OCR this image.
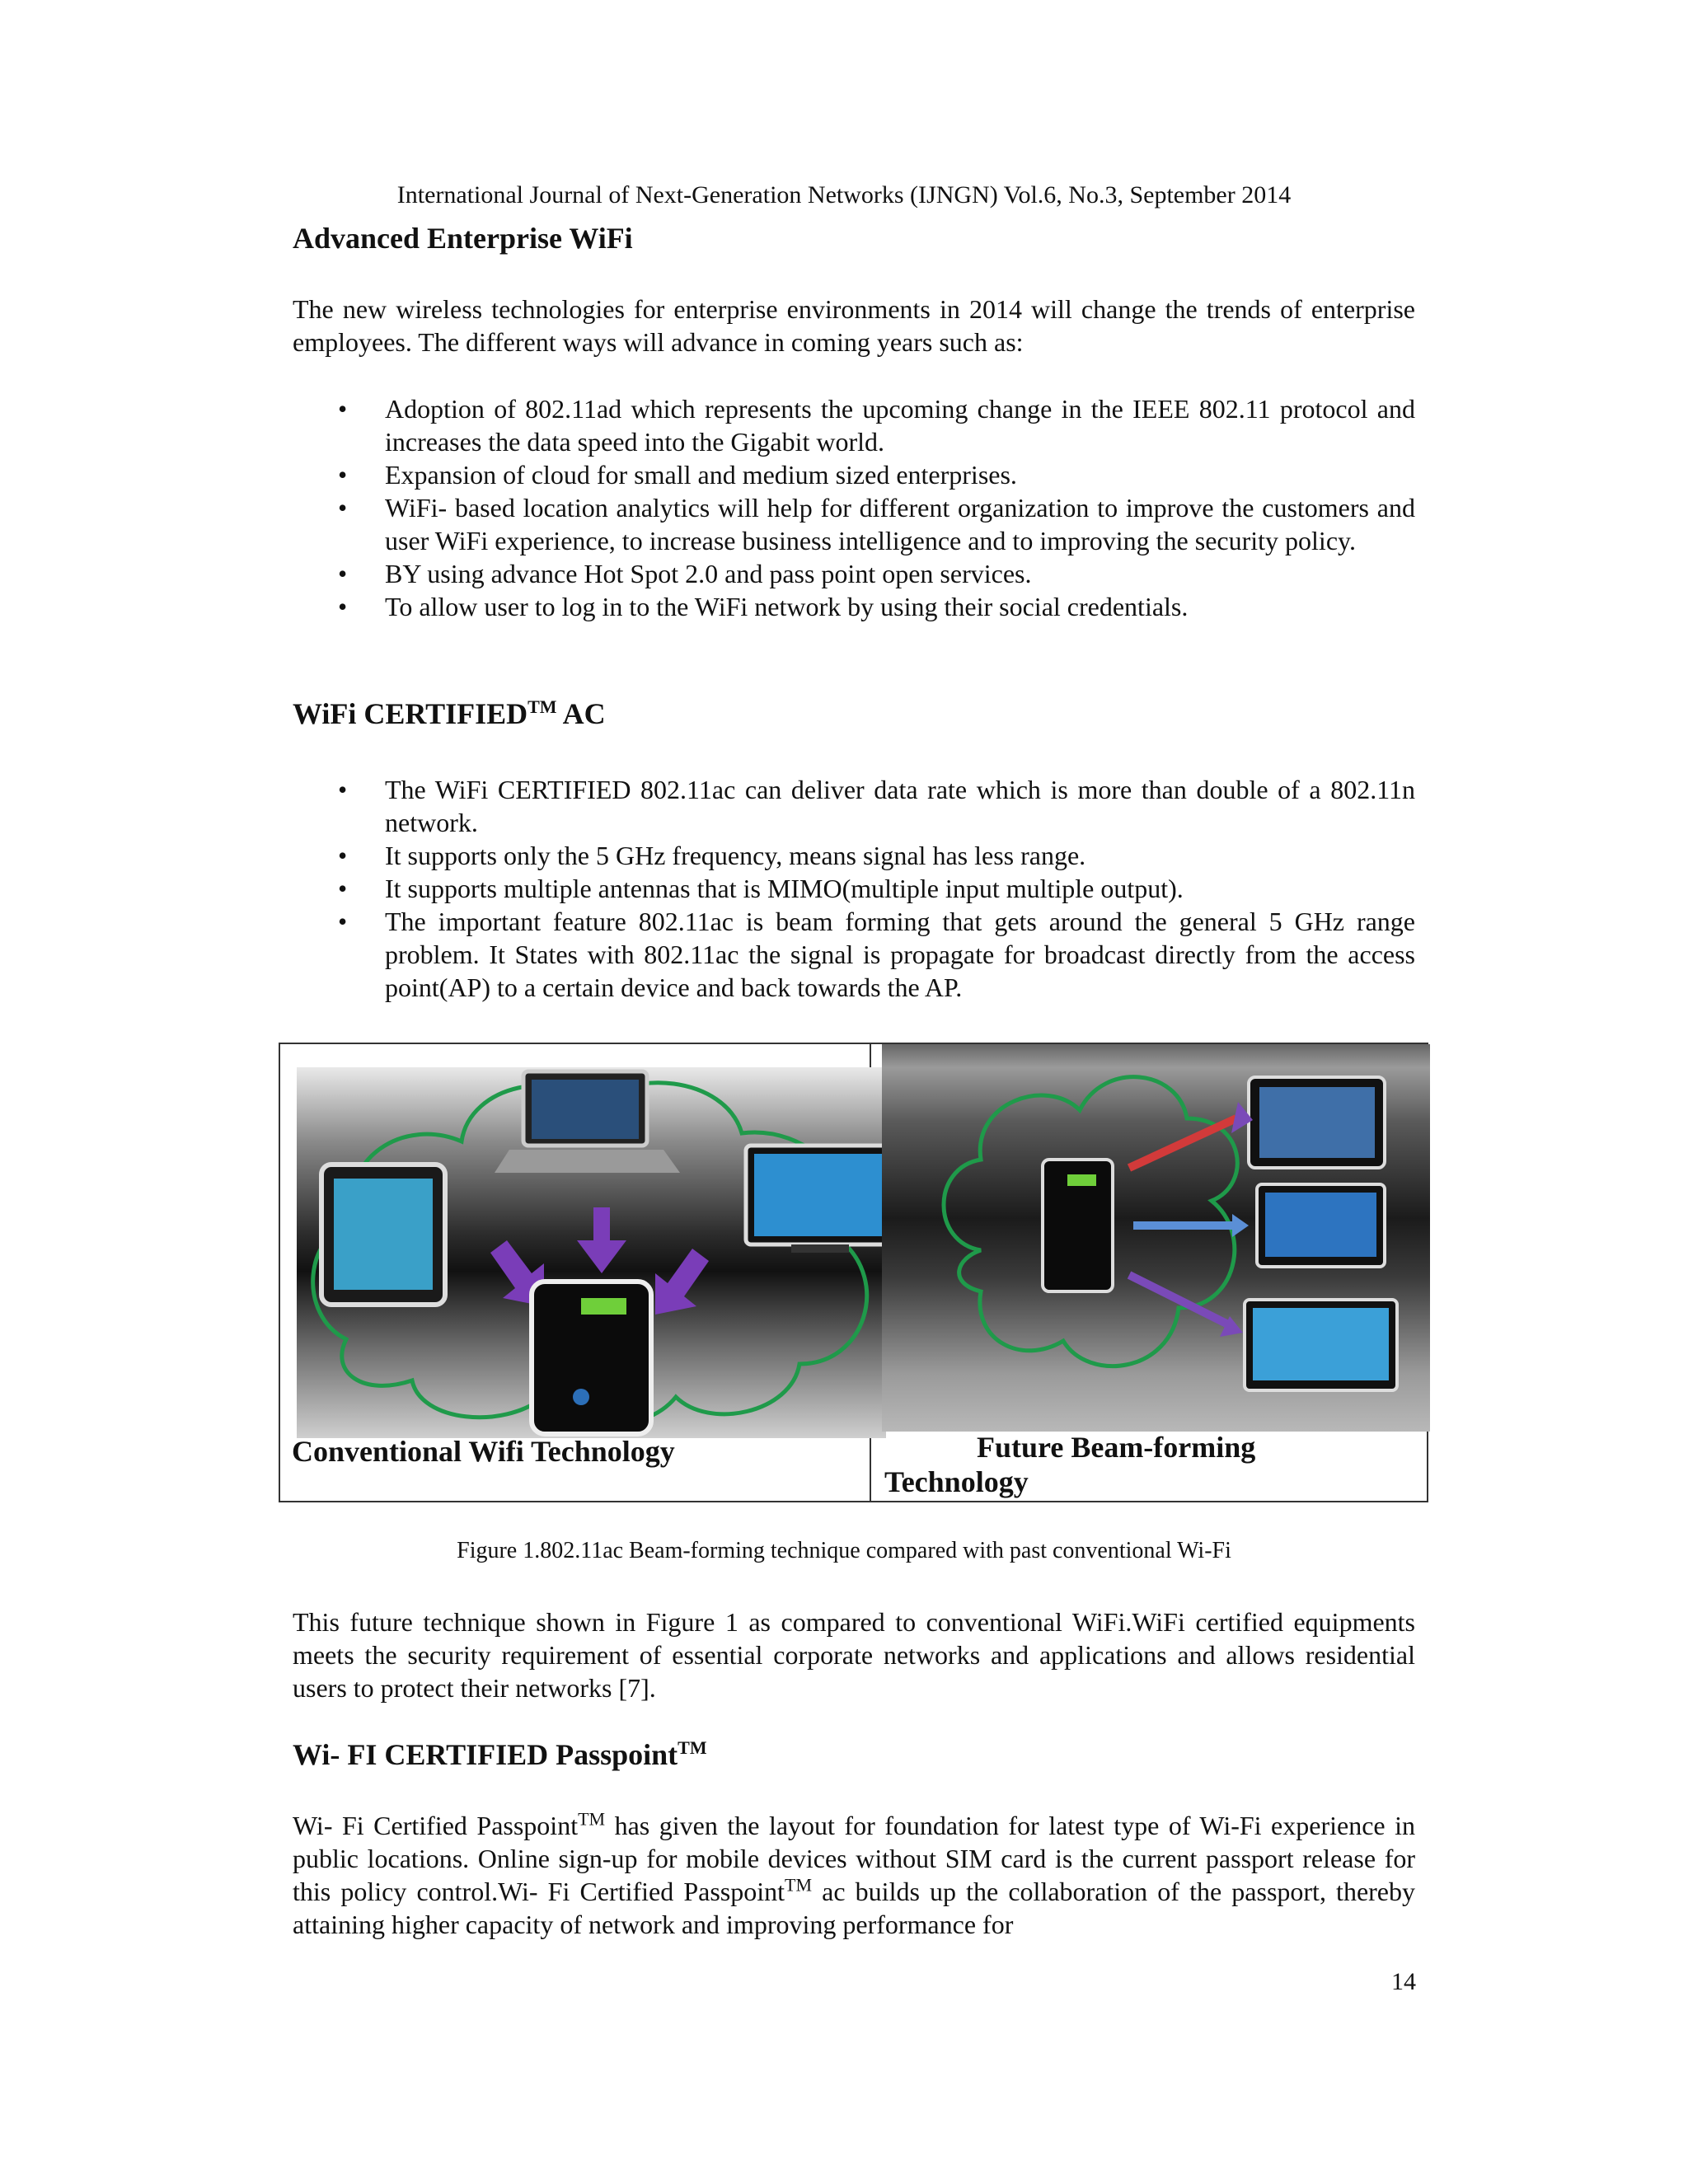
International Journal of Next-Generation Networks (IJNGN) Vol.6, No.3, September 2014
Advanced Enterprise WiFi
The new wireless technologies for enterprise environments in 2014 will change the trends of enterprise employees. The different ways will advance in coming years such as:
• Adoption of 802.11ad which represents the upcoming change in the IEEE 802.11 protocol and increases the data speed into the Gigabit world.
• Expansion of cloud for small and medium sized enterprises.
• WiFi- based location analytics will help for different organization to improve the customers and user WiFi experience, to increase business intelligence and to improving the security policy.
• BY using advance Hot Spot 2.0 and pass point open services.
• To allow user to log in to the WiFi network by using their social credentials.
WiFi CERTIFIED™ AC
• The WiFi CERTIFIED 802.11ac can deliver data rate which is more than double of a 802.11n network.
• It supports only the 5 GHz frequency, means signal has less range.
• It supports multiple antennas that is MIMO(multiple input multiple output).
• The important feature 802.11ac is beam forming that gets around the general 5 GHz range problem. It States with 802.11ac the signal is propagate for broadcast directly from the access point(AP) to a certain device and back towards the AP.
Conventional Wifi Technology	Future Beam-forming
Technology
Figure 1.802.11ac Beam-forming technique compared with past conventional Wi-Fi
This future technique shown in Figure 1 as compared to conventional WiFi.WiFi certified equipments meets the security requirement of essential corporate networks and applications and allows residential users to protect their networks [7].
Wi- FI CERTIFIED Passpoint™
Wi- Fi Certified Passpoint™ has given the layout for foundation for latest type of Wi-Fi experience in public locations. Online sign-up for mobile devices without SIM card is the current passport release for this policy control.Wi- Fi Certified Passpoint™ ac builds up the collaboration of the passport, thereby attaining higher capacity of network and improving performance for
14
